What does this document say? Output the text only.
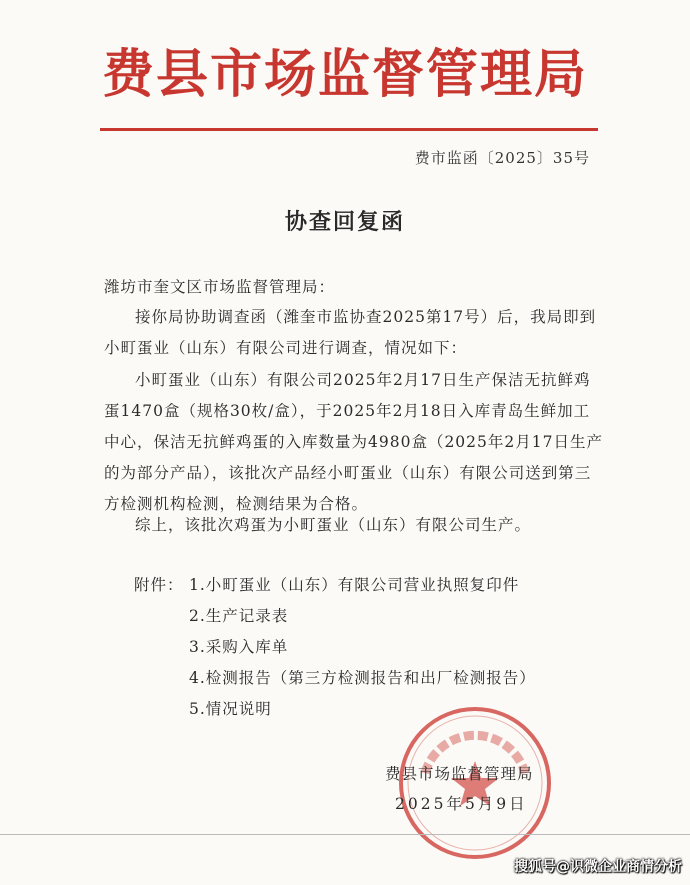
费县市场监督管理局
费市监函〔2025〕35号
协查回复函
潍坊市奎文区市场监督管理局：
接你局协助调查函（潍奎市监协查2025第17号）后，我局即到小町蛋业（山东）有限公司进行调查，情况如下：
小町蛋业（山东）有限公司2025年2月17日生产保洁无抗鲜鸡蛋1470盒（规格30枚/盒），于2025年2月18日入库青岛生鲜加工中心，保洁无抗鲜鸡蛋的入库数量为4980盒（2025年2月17日生产的为部分产品），该批次产品经小町蛋业（山东）有限公司送到第三方检测机构检测，检测结果为合格。
综上，该批次鸡蛋为小町蛋业（山东）有限公司生产。
附件： 1.小町蛋业（山东）有限公司营业执照复印件
2.生产记录表
3.采购入库单
4.检测报告（第三方检测报告和出厂检测报告）
5.情况说明
费县市场监督管理局
2025年5月9日
搜狐号@识微企业商情分析
